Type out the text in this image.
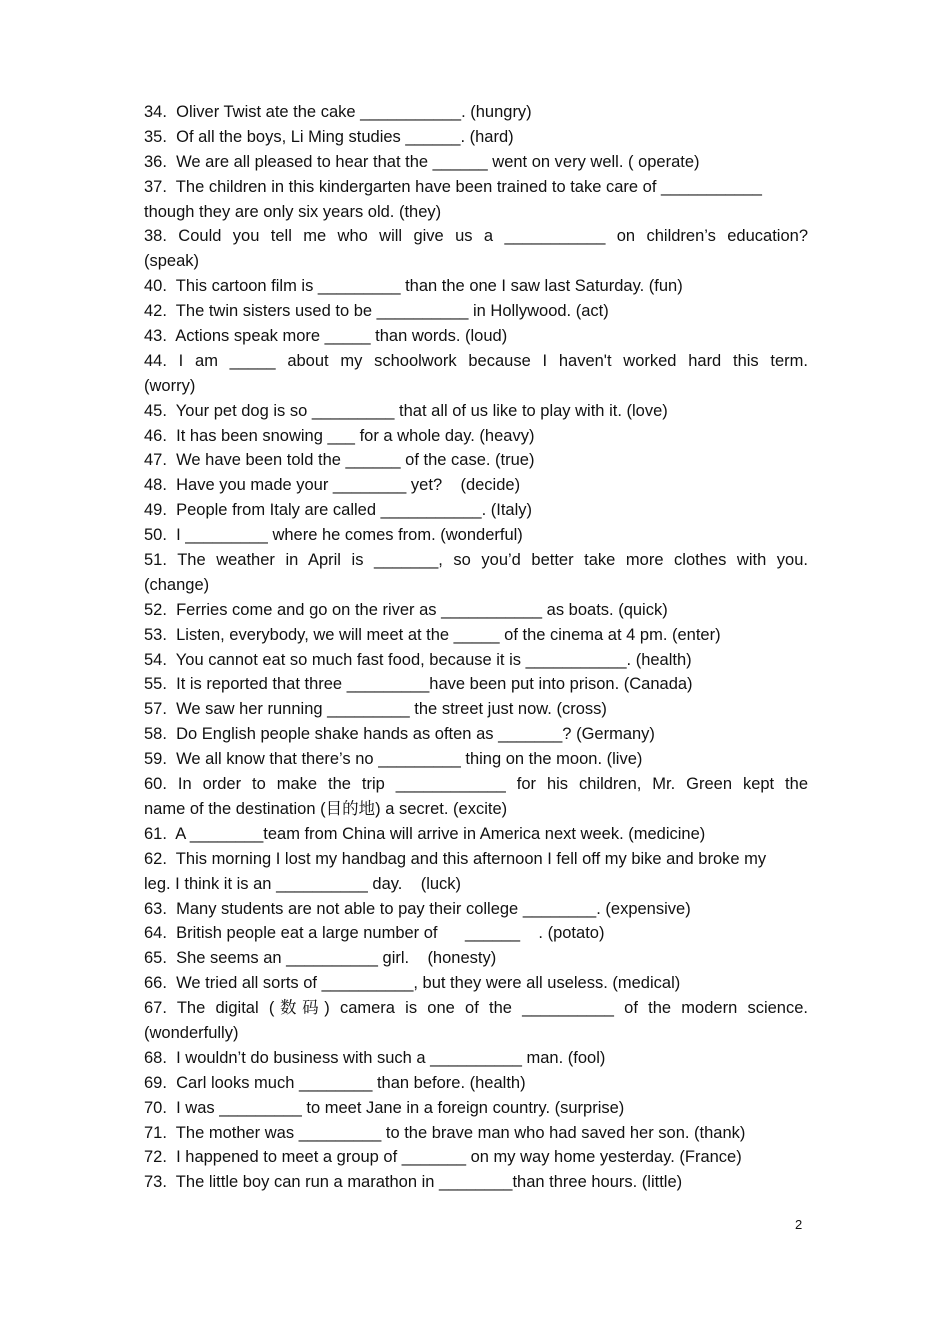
34.  Oliver Twist ate the cake ___________. (hungry)
35.  Of all the boys, Li Ming studies ______. (hard)
36.  We are all pleased to hear that the ______ went on very well. ( operate)
37.  The children in this kindergarten have been trained to take care of ___________
though they are only six years old. (they)
38. Could you tell me who will give us a ___________ on children’s education?
(speak)
40.  This cartoon film is _________ than the one I saw last Saturday. (fun)
42.  The twin sisters used to be __________ in Hollywood. (act)
43.  Actions speak more _____ than words. (loud)
44. I am _____ about my schoolwork because I haven't worked hard this term.
(worry)
45.  Your pet dog is so _________ that all of us like to play with it. (love)
46.  It has been snowing ___ for a whole day. (heavy)
47.  We have been told the ______ of the case. (true)
48.  Have you made your ________ yet?    (decide)
49.  People from Italy are called ___________. (Italy)
50.  I _________ where he comes from. (wonderful)
51. The weather in April is _______, so you’d better take more clothes with you.
(change)
52.  Ferries come and go on the river as ___________ as boats. (quick)
53.  Listen, everybody, we will meet at the _____ of the cinema at 4 pm. (enter)
54.  You cannot eat so much fast food, because it is ___________. (health)
55.  It is reported that three _________have been put into prison. (Canada)
57.  We saw her running _________ the street just now. (cross)
58.  Do English people shake hands as often as _______? (Germany)
59.  We all know that there’s no _________ thing on the moon. (live)
60. In order to make the trip ____________ for his children, Mr. Green kept the
name of the destination (目的地) a secret. (excite)
61.  A ________team from China will arrive in America next week. (medicine)
62.  This morning I lost my handbag and this afternoon I fell off my bike and broke my
leg. I think it is an __________ day.    (luck)
63.  Many students are not able to pay their college ________. (expensive)
64.  British people eat a large number of      ______    . (potato)
65.  She seems an __________ girl.    (honesty)
66.  We tried all sorts of __________, but they were all useless. (medical)
67. The digital (数码) camera is one of the __________ of the modern science.
(wonderfully)
68.  I wouldn’t do business with such a __________ man. (fool)
69.  Carl looks much ________ than before. (health)
70.  I was _________ to meet Jane in a foreign country. (surprise)
71.  The mother was _________ to the brave man who had saved her son. (thank)
72.  I happened to meet a group of _______ on my way home yesterday. (France)
73.  The little boy can run a marathon in ________than three hours. (little)
2
